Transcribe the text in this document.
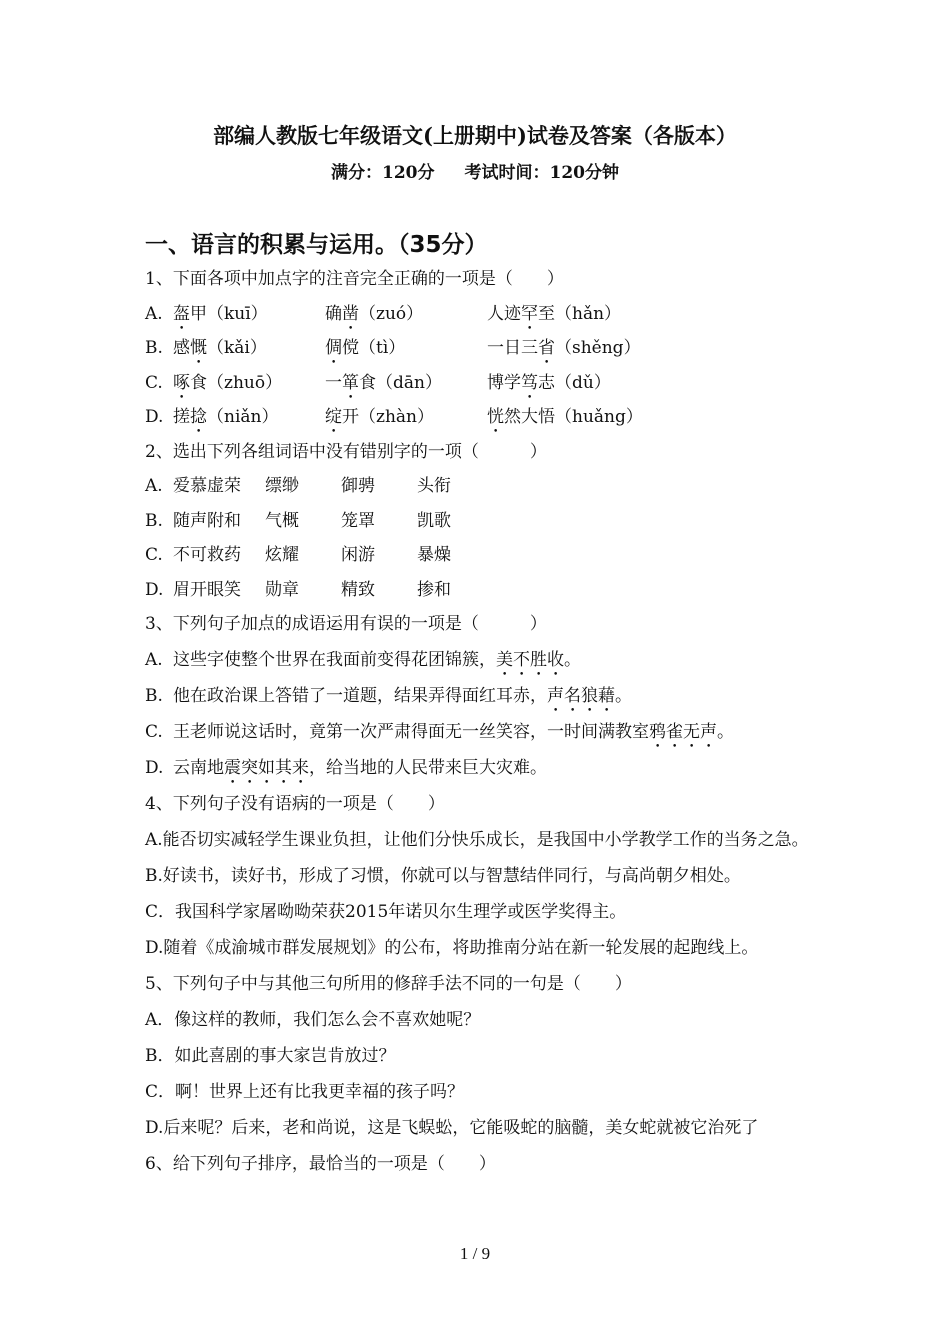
部编人教版七年级语文(上册期中)试卷及答案（各版本）
满分：120分 考试时间：120分钟
一、语言的积累与运用。（35分）
1、下面各项中加点字的注音完全正确的一项是（　　）
A. 盔甲（kuī）	确凿（zuó）	人迹罕至（hǎn）
B. 感慨（kǎi）	倜傥（tì）	一日三省（shěng）
C. 啄食（zhuō）	一箪食（dān）	博学笃志（dǔ）
D. 搓捻（niǎn）	绽开（zhàn）	恍然大悟（huǎng）
2、选出下列各组词语中没有错别字的一项（　　　）
A. 爱慕虚荣	缥缈	御骋	头衔
B. 随声附和	气概	笼罩	凯歌
C. 不可救药	炫耀	闲游	暴燥
D. 眉开眼笑	勋章	精致	掺和
3、下列句子加点的成语运用有误的一项是（　　　）
A. 这些字使整个世界在我面前变得花团锦簇，美不胜收。
B. 他在政治课上答错了一道题，结果弄得面红耳赤，声名狼藉。
C. 王老师说这话时，竟第一次严肃得面无一丝笑容，一时间满教室鸦雀无声。
D. 云南地震突如其来，给当地的人民带来巨大灾难。
4、下列句子没有语病的一项是（　　）
A.能否切实减轻学生课业负担，让他们分快乐成长，是我国中小学教学工作的当务之急。
B.好读书，读好书，形成了习惯，你就可以与智慧结伴同行，与高尚朝夕相处。
C．我国科学家屠呦呦荣获2015年诺贝尔生理学或医学奖得主。
D.随着《成渝城市群发展规划》的公布，将助推南分站在新一轮发展的起跑线上。
5、下列句子中与其他三句所用的修辞手法不同的一句是（　　）
A．像这样的教师，我们怎么会不喜欢她呢？
B．如此喜剧的事大家岂肯放过？
C．啊！世界上还有比我更幸福的孩子吗？
D.后来呢？后来，老和尚说，这是飞蜈蚣，它能吸蛇的脑髓，美女蛇就被它治死了
6、给下列句子排序，最恰当的一项是（　　）
1 / 9
